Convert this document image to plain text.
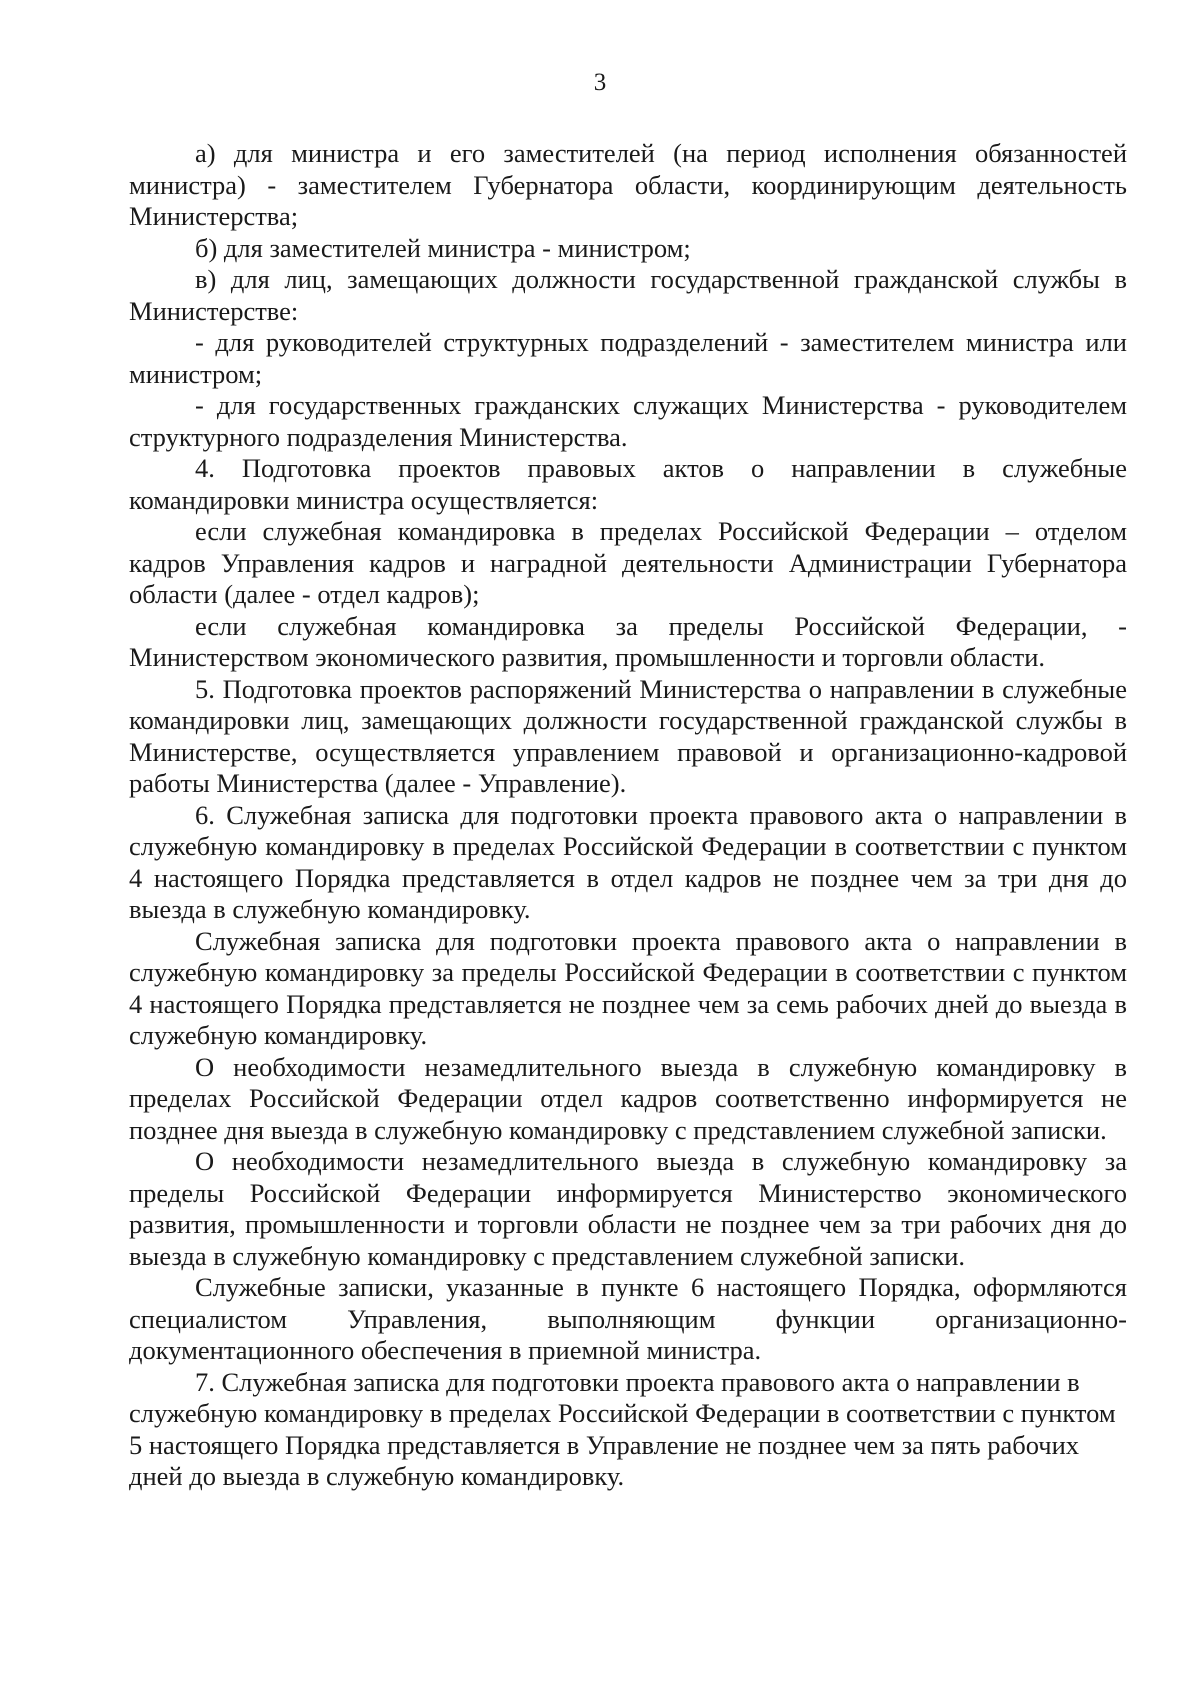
3

а) для министра и его заместителей (на период исполнения обязанностей министра) - заместителем Губернатора области, координирующим деятельность Министерства;

б) для заместителей министра - министром;

в) для лиц, замещающих должности государственной гражданской службы в Министерстве:

- для руководителей структурных подразделений - заместителем министра или министром;

- для государственных гражданских служащих Министерства - руководителем структурного подразделения Министерства.

4. Подготовка проектов правовых актов о направлении в служебные командировки министра осуществляется:

если служебная командировка в пределах Российской Федерации – отделом кадров Управления кадров и наградной деятельности Администрации Губернатора области (далее - отдел кадров);

если служебная командировка за пределы Российской Федерации, - Министерством экономического развития, промышленности и торговли области.

5. Подготовка проектов распоряжений Министерства о направлении в служебные командировки лиц, замещающих должности государственной гражданской службы в Министерстве, осуществляется управлением правовой и организационно-кадровой работы Министерства (далее - Управление).

6. Служебная записка для подготовки проекта правового акта о направлении в служебную командировку в пределах Российской Федерации в соответствии с пунктом 4 настоящего Порядка представляется в отдел кадров не позднее чем за три дня до выезда в служебную командировку.

Служебная записка для подготовки проекта правового акта о направлении в служебную командировку за пределы Российской Федерации в соответствии с пунктом 4 настоящего Порядка представляется не позднее чем за семь рабочих дней до выезда в служебную командировку.

О необходимости незамедлительного выезда в служебную командировку в пределах Российской Федерации отдел кадров соответственно информируется не позднее дня выезда в служебную командировку с представлением служебной записки.

О необходимости незамедлительного выезда в служебную командировку за пределы Российской Федерации информируется Министерство экономического развития, промышленности и торговли области не позднее чем за три рабочих дня до выезда в служебную командировку с представлением служебной записки.

Служебные записки, указанные в пункте 6 настоящего Порядка, оформляются специалистом Управления, выполняющим функции организационно-документационного обеспечения в приемной министра.

7. Служебная записка для подготовки проекта правового акта о направлении в служебную командировку в пределах Российской Федерации в соответствии с пунктом 5 настоящего Порядка представляется в Управление не позднее чем за пять рабочих дней до выезда в служебную командировку.
